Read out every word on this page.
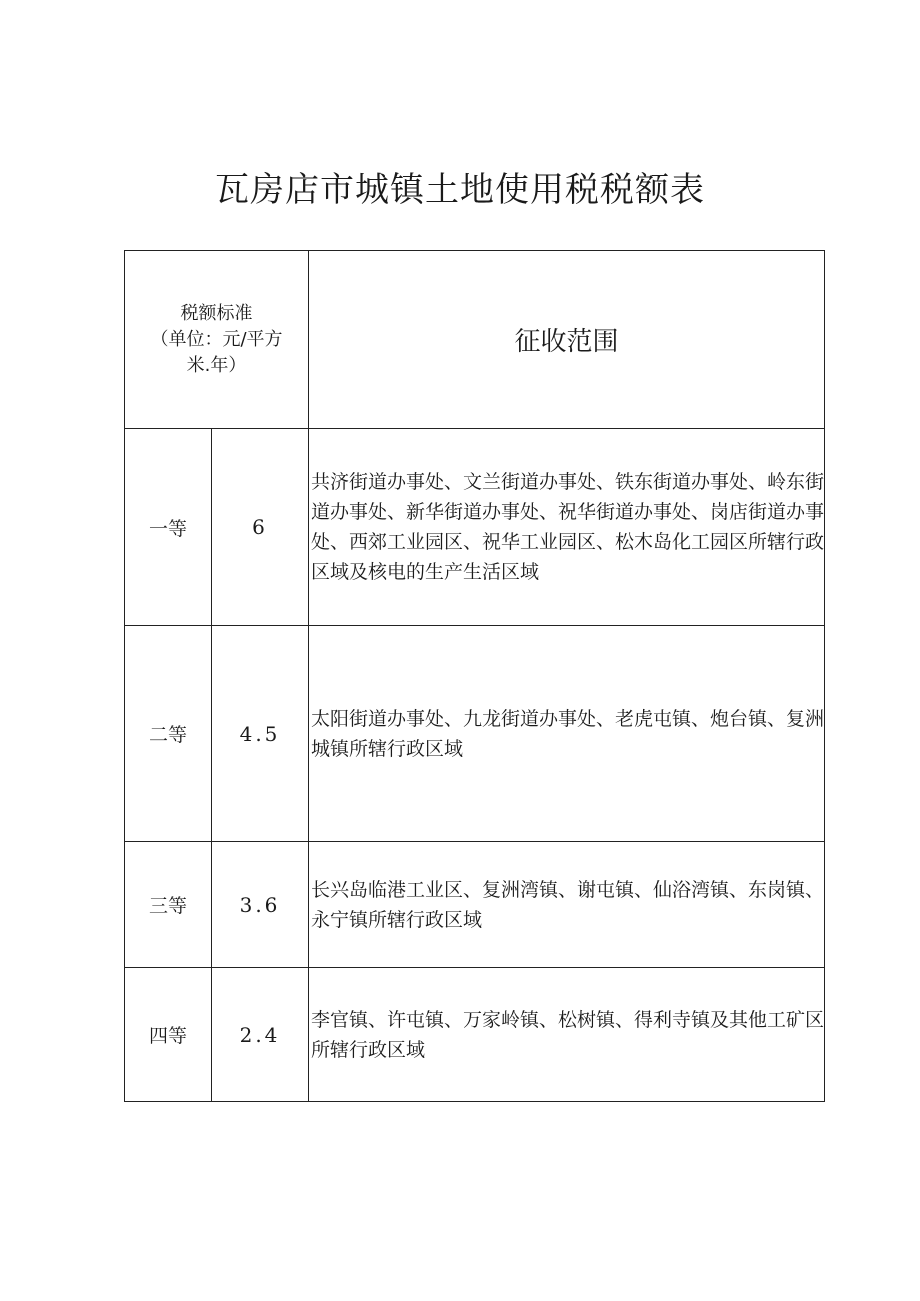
瓦房店市城镇土地使用税税额表
税额标准
（单位：元/平方
米.年）		征收范围
一等	6	共济街道办事处、文兰街道办事处、铁东街道办事处、岭东街道办事处、新华街道办事处、祝华街道办事处、岗店街道办事处、西郊工业园区、祝华工业园区、松木岛化工园区所辖行政区域及核电的生产生活区域
二等	4.5	太阳街道办事处、九龙街道办事处、老虎屯镇、炮台镇、复洲城镇所辖行政区域
三等	3.6	长兴岛临港工业区、复洲湾镇、谢屯镇、仙浴湾镇、东岗镇、永宁镇所辖行政区域
四等	2.4	李官镇、许屯镇、万家岭镇、松树镇、得利寺镇及其他工矿区所辖行政区域
